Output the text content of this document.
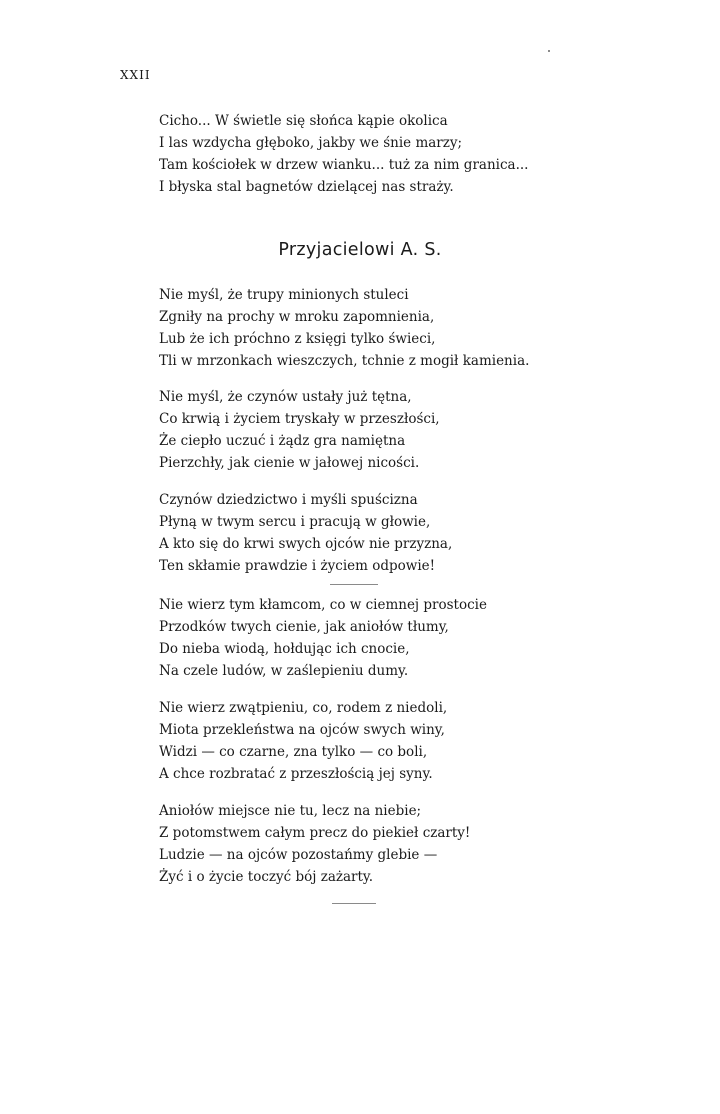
XXII
Cicho... W świetle się słońca kąpie okolica
I las wzdycha głęboko, jakby we śnie marzy;
Tam kościołek w drzew wianku... tuż za nim granica...
I błyska stal bagnetów dzielącej nas straży.
Przyjacielowi A. S.
Nie myśl, że trupy minionych stuleci
Zgniły na prochy w mroku zapomnienia,
Lub że ich próchno z księgi tylko świeci,
Tli w mrzonkach wieszczych, tchnie z mogił kamienia.
Nie myśl, że czynów ustały już tętna,
Co krwią i życiem tryskały w przeszłości,
Że ciepło uczuć i żądz gra namiętna
Pierzchły, jak cienie w jałowej nicości.
Czynów dziedzictwo i myśli spuścizna
Płyną w twym sercu i pracują w głowie,
A kto się do krwi swych ojców nie przyzna,
Ten skłamie prawdzie i życiem odpowie!
Nie wierz tym kłamcom, co w ciemnej prostocie
Przodków twych cienie, jak aniołów tłumy,
Do nieba wiodą, hołdując ich cnocie,
Na czele ludów, w zaślepieniu dumy.
Nie wierz zwątpieniu, co, rodem z niedoli,
Miota przekleństwa na ojców swych winy,
Widzi — co czarne, zna tylko — co boli,
A chce rozbratać z przeszłością jej syny.
Aniołów miejsce nie tu, lecz na niebie;
Z potomstwem całym precz do piekieł czarty!
Ludzie — na ojców pozostańmy glebie —
Żyć i o życie toczyć bój zażarty.
